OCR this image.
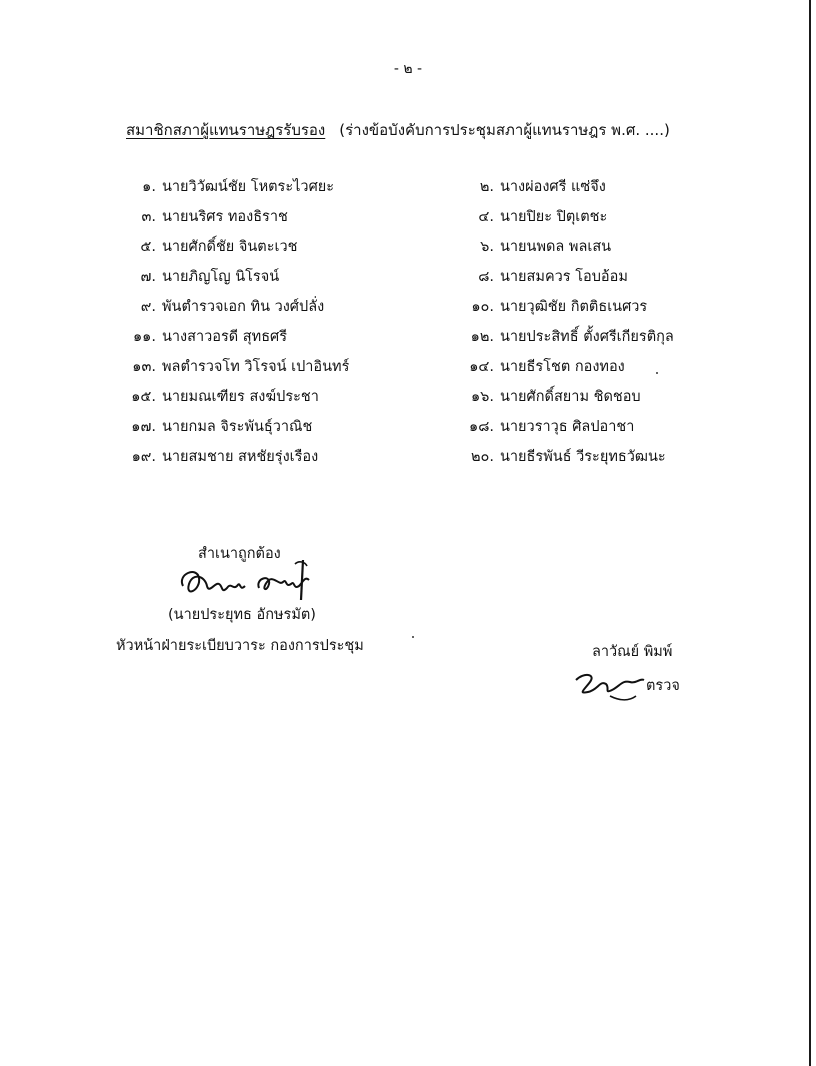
- ๒ -
สมาชิกสภาผู้แทนราษฎรรับรอง (ร่างข้อบังคับการประชุมสภาผู้แทนราษฎร พ.ศ. ....)
๑. นายวิวัฒน์ชัย โหตระไวศยะ
๓. นายนริศร ทองธิราช
๕. นายศักดิ์ชัย จินตะเวช
๗. นายภิญโญ นิโรจน์
๙. พันตำรวจเอก ทิน วงศ์ปลั่ง
๑๑. นางสาวอรดี สุทธศรี
๑๓. พลตำรวจโท วิโรจน์ เปาอินทร์
๑๕. นายมณเฑียร สงฆ์ประชา
๑๗. นายกมล จิระพันธุ์วาณิช
๑๙. นายสมชาย สหชัยรุ่งเรือง
๒. นางผ่องศรี แซ่จึง
๔. นายปิยะ ปิตุเตชะ
๖. นายนพดล พลเสน
๘. นายสมควร โอบอ้อม
๑๐. นายวุฒิชัย กิตติธเนศวร
๑๒. นายประสิทธิ์ ตั้งศรีเกียรติกุล
๑๔. นายธีรโชต กองทอง
๑๖. นายศักดิ์สยาม ชิดชอบ
๑๘. นายวราวุธ ศิลปอาชา
๒๐. นายธีรพันธ์ วีระยุทธวัฒนะ
สำเนาถูกต้อง
(นายประยุทธ อักษรมัต)
หัวหน้าฝ่ายระเบียบวาระ กองการประชุม	ลาวัณย์ พิมพ์
ตรวจ
